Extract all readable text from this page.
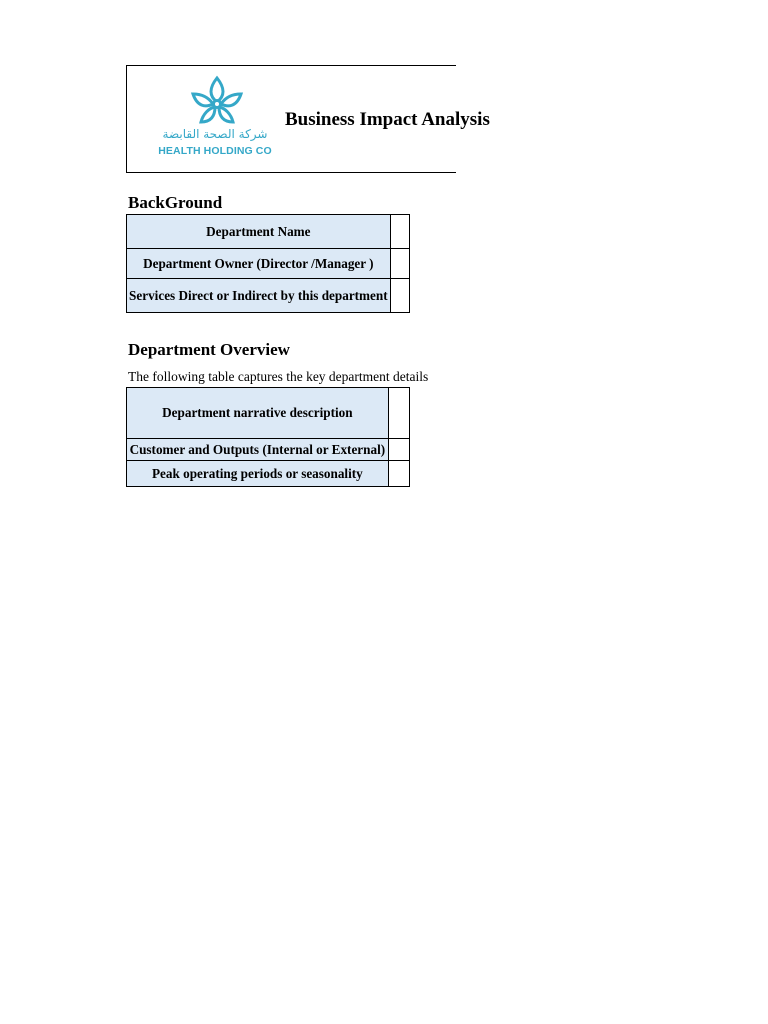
شركة الصحة القابضة
HEALTH HOLDING CO
Business Impact Analysis
BackGround
Department Name	
Department Owner (Director /Manager )	
Services Direct or Indirect by this department	
Department Overview
The following table captures the key department details
Department narrative description	
Customer and Outputs (Internal or External)	
Peak operating periods or seasonality	
